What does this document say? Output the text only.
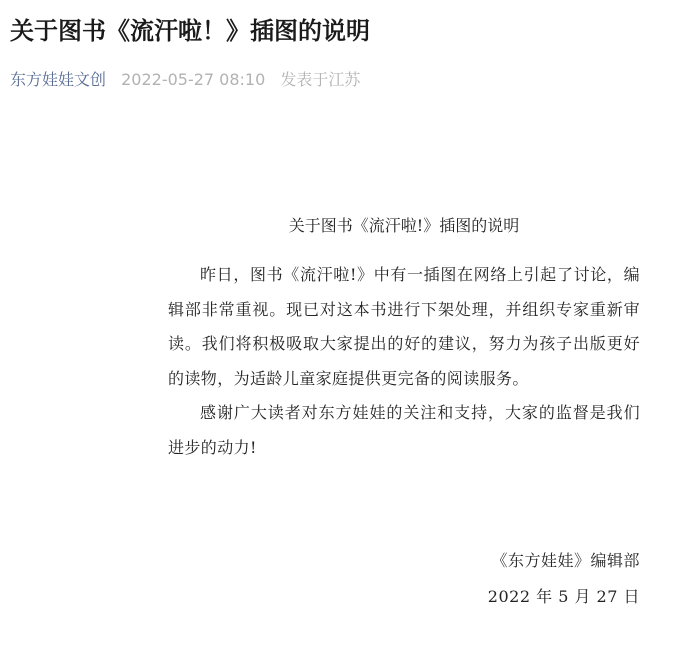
关于图书《流汗啦！》插图的说明
东方娃娃文创 2022-05-27 08:10 发表于江苏
关于图书《流汗啦!》插图的说明

昨日，图书《流汗啦!》中有一插图在网络上引起了讨论，编辑部非常重视。现已对这本书进行下架处理，并组织专家重新审读。我们将积极吸取大家提出的好的建议，努力为孩子出版更好的读物，为适龄儿童家庭提供更完备的阅读服务。

感谢广大读者对东方娃娃的关注和支持，大家的监督是我们进步的动力!

《东方娃娃》编辑部
2022 年 5 月 27 日
